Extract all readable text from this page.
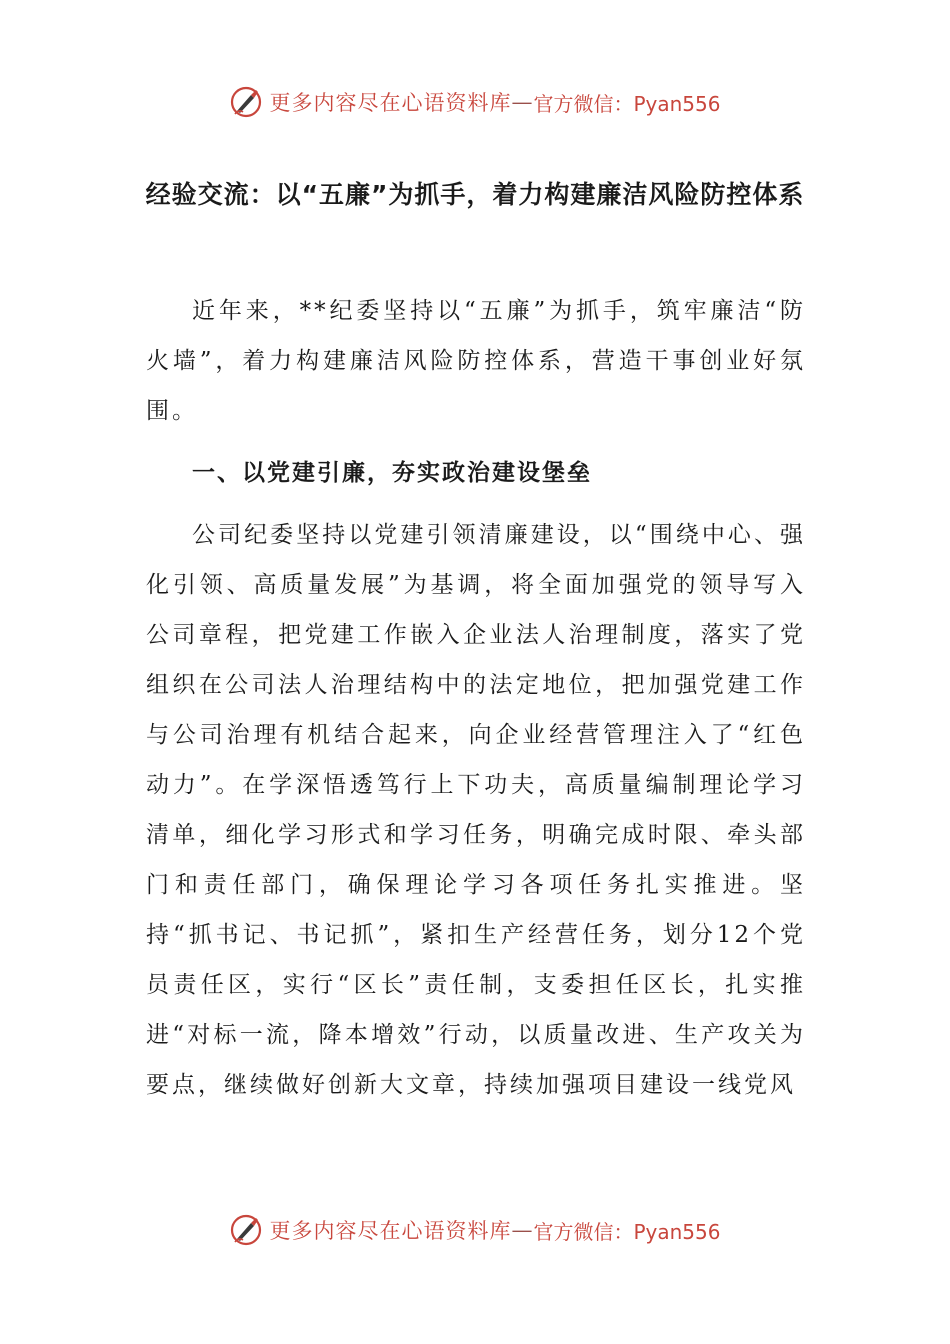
更多内容尽在心语资料库 — 官方微信：Pyan556
经验交流：以“五廉”为抓手，着力构建廉洁风险防控体系

近年来，**纪委坚持以“五廉”为抓手，筑牢廉洁“防火墙”，着力构建廉洁风险防控体系，营造干事创业好氛围。

一、以党建引廉，夯实政治建设堡垒

公司纪委坚持以党建引领清廉建设，以“围绕中心、强化引领、高质量发展”为基调，将全面加强党的领导写入公司章程，把党建工作嵌入企业法人治理制度，落实了党组织在公司法人治理结构中的法定地位，把加强党建工作与公司治理有机结合起来，向企业经营管理注入了“红色动力”。在学深悟透笃行上下功夫，高质量编制理论学习清单，细化学习形式和学习任务，明确完成时限、牵头部门和责任部门，确保理论学习各项任务扎实推进。坚持“抓书记、书记抓”，紧扣生产经营任务，划分12个党员责任区，实行“区长”责任制，支委担任区长，扎实推进“对标一流，降本增效”行动，以质量改进、生产攻关为要点，继续做好创新大文章，持续加强项目建设一线党风

更多内容尽在心语资料库 — 官方微信：Pyan556
